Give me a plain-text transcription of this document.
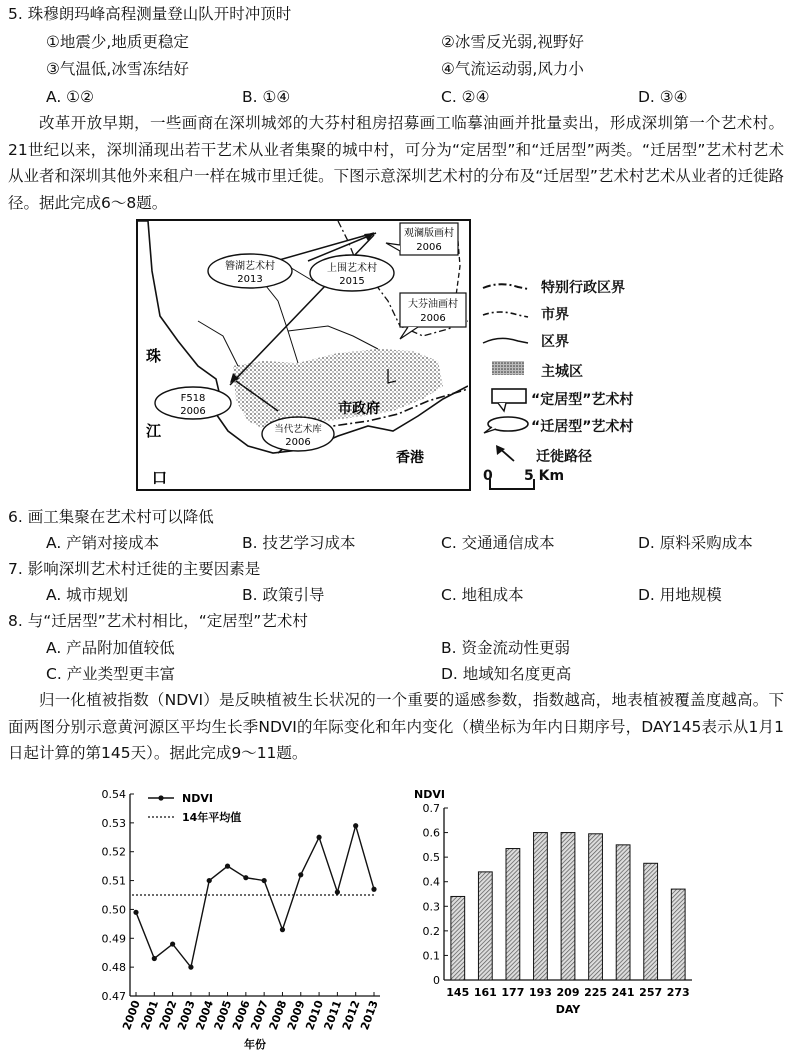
5. 珠穆朗玛峰高程测量登山队开时冲顶时
①地震少,地质更稳定	②冰雪反光弱,视野好
③气温低,冰雪冻结好	④气流运动弱,风力小
A. ①②	B. ①④	C. ②④	D. ③④
改革开放早期，一些画商在深圳城郊的大芬村租房招募画工临摹油画并批量卖出，形成深圳第一个艺术村。21世纪以来，深圳涌现出若干艺术从业者集聚的城中村，可分为“定居型”和“迁居型”两类。“迁居型”艺术村艺术从业者和深圳其他外来租户一样在城市里迁徙。下图示意深圳艺术村的分布及“迁居型”艺术村艺术从业者的迁徙路径。据此完成6～8题。
观澜版画村
2006
大芬油画村
2006
簪湖艺术村
2013
上围艺术村
2015
F518
2006
当代艺术库
2006
珠
江
口
市政府
香港
特别行政区界
市界
区界
主城区
“定居型”艺术村
“迁居型”艺术村
迁徙路径
0 5 Km
6. 画工集聚在艺术村可以降低
A. 产销对接成本	B. 技艺学习成本	C. 交通通信成本	D. 原料采购成本
7. 影响深圳艺术村迁徙的主要因素是
A. 城市规划	B. 政策引导	C. 地租成本	D. 用地规模
8. 与“迁居型”艺术村相比，“定居型”艺术村
A. 产品附加值较低	B. 资金流动性更弱
C. 产业类型更丰富	D. 地域知名度更高
归一化植被指数（NDVI）是反映植被生长状况的一个重要的遥感参数，指数越高，地表植被覆盖度越高。下面两图分别示意黄河源区平均生长季NDVI的年际变化和年内变化（横坐标为年内日期序号，DAY145表示从1月1日起计算的第145天）。据此完成9～11题。
0.54
0.53
0.52
0.51
0.50
0.49
0.48
0.47
2000
2001
2002
2003
2004
2005
2006
2007
2008
2009
2010
2011
2012
2013
NDVI
14年平均值
年份
NDVI
0.7
0.6
0.5
0.4
0.3
0.2
0.1
0
145 161 177 193 209 225 241 257 273
DAY
